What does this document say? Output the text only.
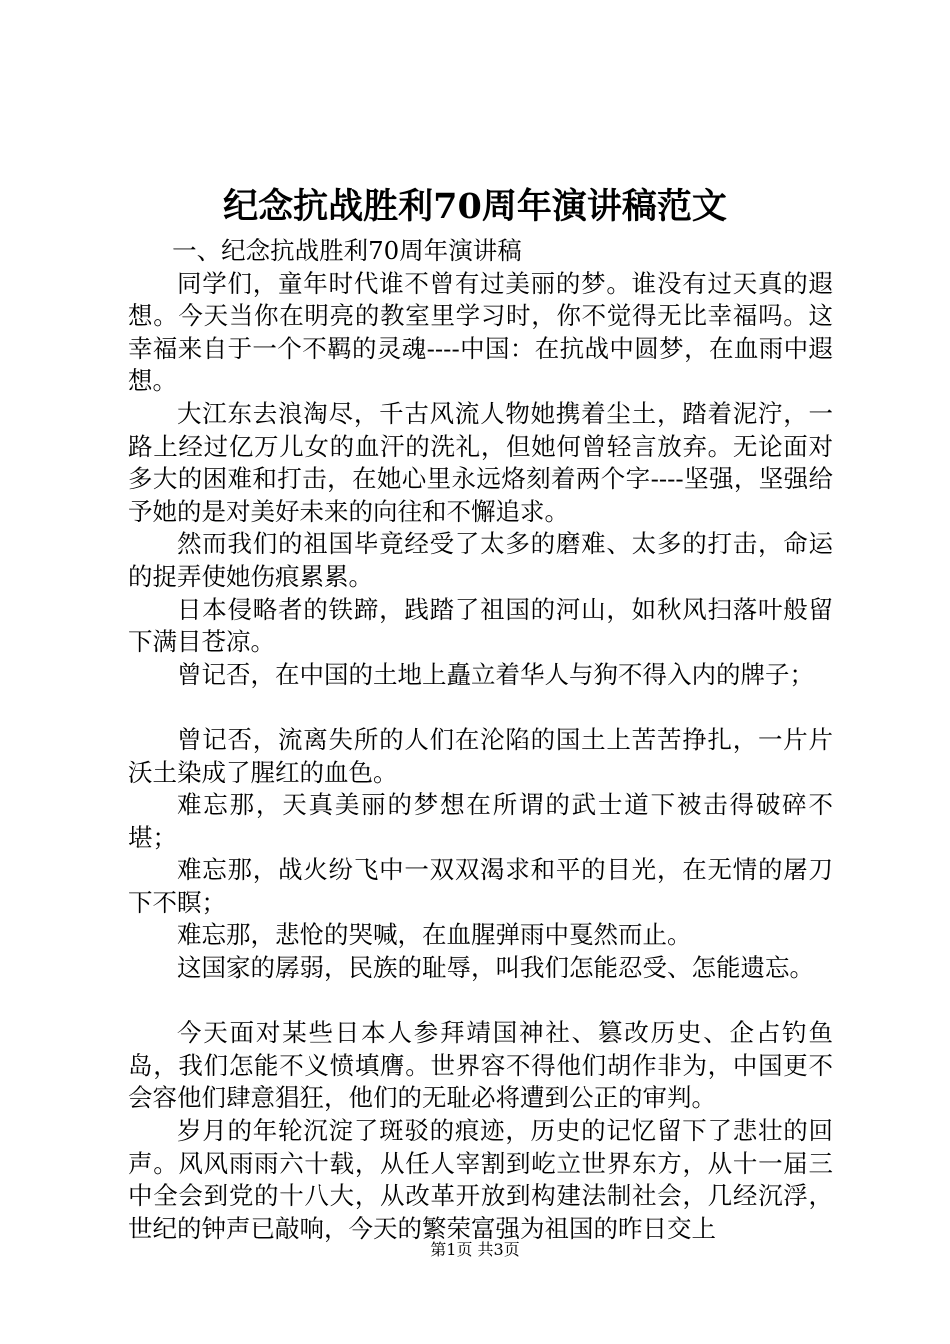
纪念抗战胜利70周年演讲稿范文

一、纪念抗战胜利70周年演讲稿

同学们，童年时代谁不曾有过美丽的梦。谁没有过天真的遐想。今天当你在明亮的教室里学习时，你不觉得无比幸福吗。这幸福来自于一个不羁的灵魂----中国：在抗战中圆梦，在血雨中遐想。

大江东去浪淘尽，千古风流人物她携着尘土，踏着泥泞，一路上经过亿万儿女的血汗的洗礼，但她何曾轻言放弃。无论面对多大的困难和打击，在她心里永远烙刻着两个字----坚强，坚强给予她的是对美好未来的向往和不懈追求。

然而我们的祖国毕竟经受了太多的磨难、太多的打击，命运的捉弄使她伤痕累累。

日本侵略者的铁蹄，践踏了祖国的河山，如秋风扫落叶般留下满目苍凉。

曾记否，在中国的土地上矗立着华人与狗不得入内的牌子；

曾记否，流离失所的人们在沦陷的国土上苦苦挣扎，一片片沃土染成了腥红的血色。

难忘那，天真美丽的梦想在所谓的武士道下被击得破碎不堪；

难忘那，战火纷飞中一双双渴求和平的目光，在无情的屠刀下不瞑；

难忘那，悲怆的哭喊，在血腥弹雨中戛然而止。

这国家的孱弱，民族的耻辱，叫我们怎能忍受、怎能遗忘。

今天面对某些日本人参拜靖国神社、篡改历史、企占钓鱼岛，我们怎能不义愤填膺。世界容不得他们胡作非为，中国更不会容他们肆意猖狂，他们的无耻必将遭到公正的审判。

岁月的年轮沉淀了斑驳的痕迹，历史的记忆留下了悲壮的回声。风风雨雨六十载，从任人宰割到屹立世界东方，从十一届三中全会到党的十八大，从改革开放到构建法制社会，几经沉浮，世纪的钟声已敲响，今天的繁荣富强为祖国的昨日交上

第1页 共3页
